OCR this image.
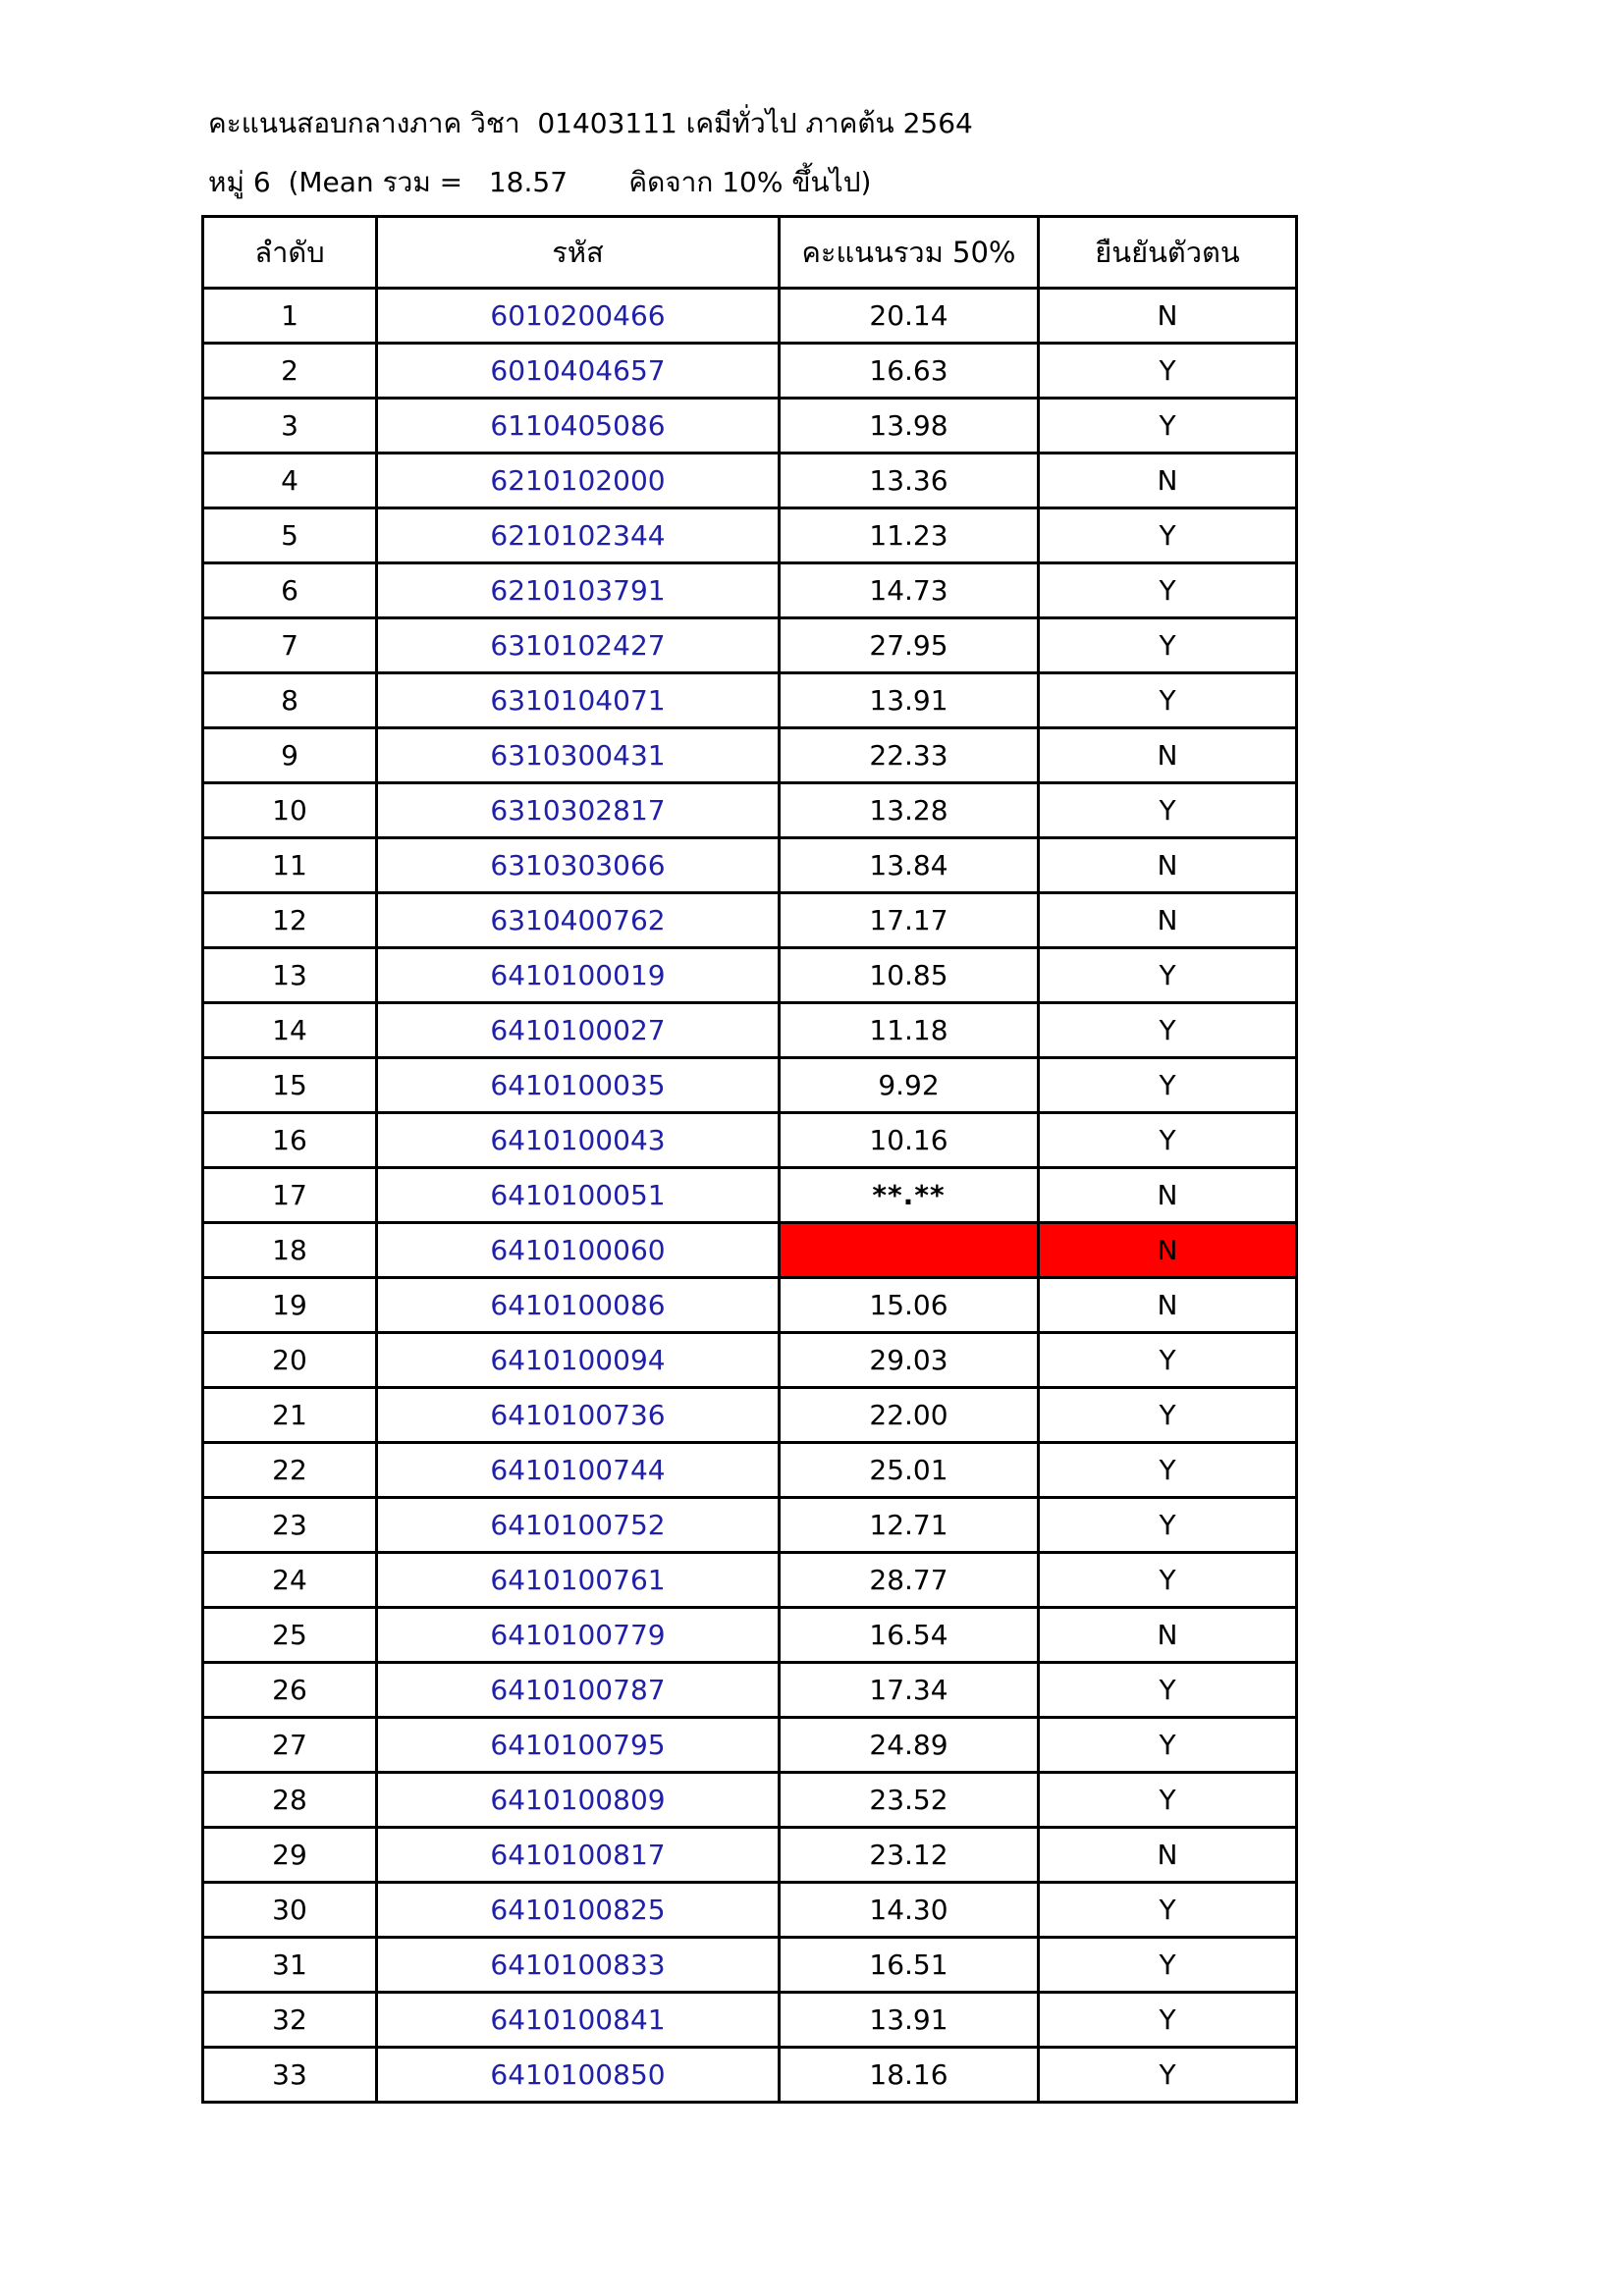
คะแนนสอบกลางภาค วิชา  01403111 เคมีทั่วไป ภาคต้น 2564
หมู่ 6 (Mean รวม = 18.57 คิดจาก 10% ขึ้นไป)
ลำดับ	รหัส	คะแนนรวม 50%	ยืนยันตัวตน
1	6010200466	20.14	N
2	6010404657	16.63	Y
3	6110405086	13.98	Y
4	6210102000	13.36	N
5	6210102344	11.23	Y
6	6210103791	14.73	Y
7	6310102427	27.95	Y
8	6310104071	13.91	Y
9	6310300431	22.33	N
10	6310302817	13.28	Y
11	6310303066	13.84	N
12	6310400762	17.17	N
13	6410100019	10.85	Y
14	6410100027	11.18	Y
15	6410100035	9.92	Y
16	6410100043	10.16	Y
17	6410100051	**.**	N
18	6410100060		N
19	6410100086	15.06	N
20	6410100094	29.03	Y
21	6410100736	22.00	Y
22	6410100744	25.01	Y
23	6410100752	12.71	Y
24	6410100761	28.77	Y
25	6410100779	16.54	N
26	6410100787	17.34	Y
27	6410100795	24.89	Y
28	6410100809	23.52	Y
29	6410100817	23.12	N
30	6410100825	14.30	Y
31	6410100833	16.51	Y
32	6410100841	13.91	Y
33	6410100850	18.16	Y
